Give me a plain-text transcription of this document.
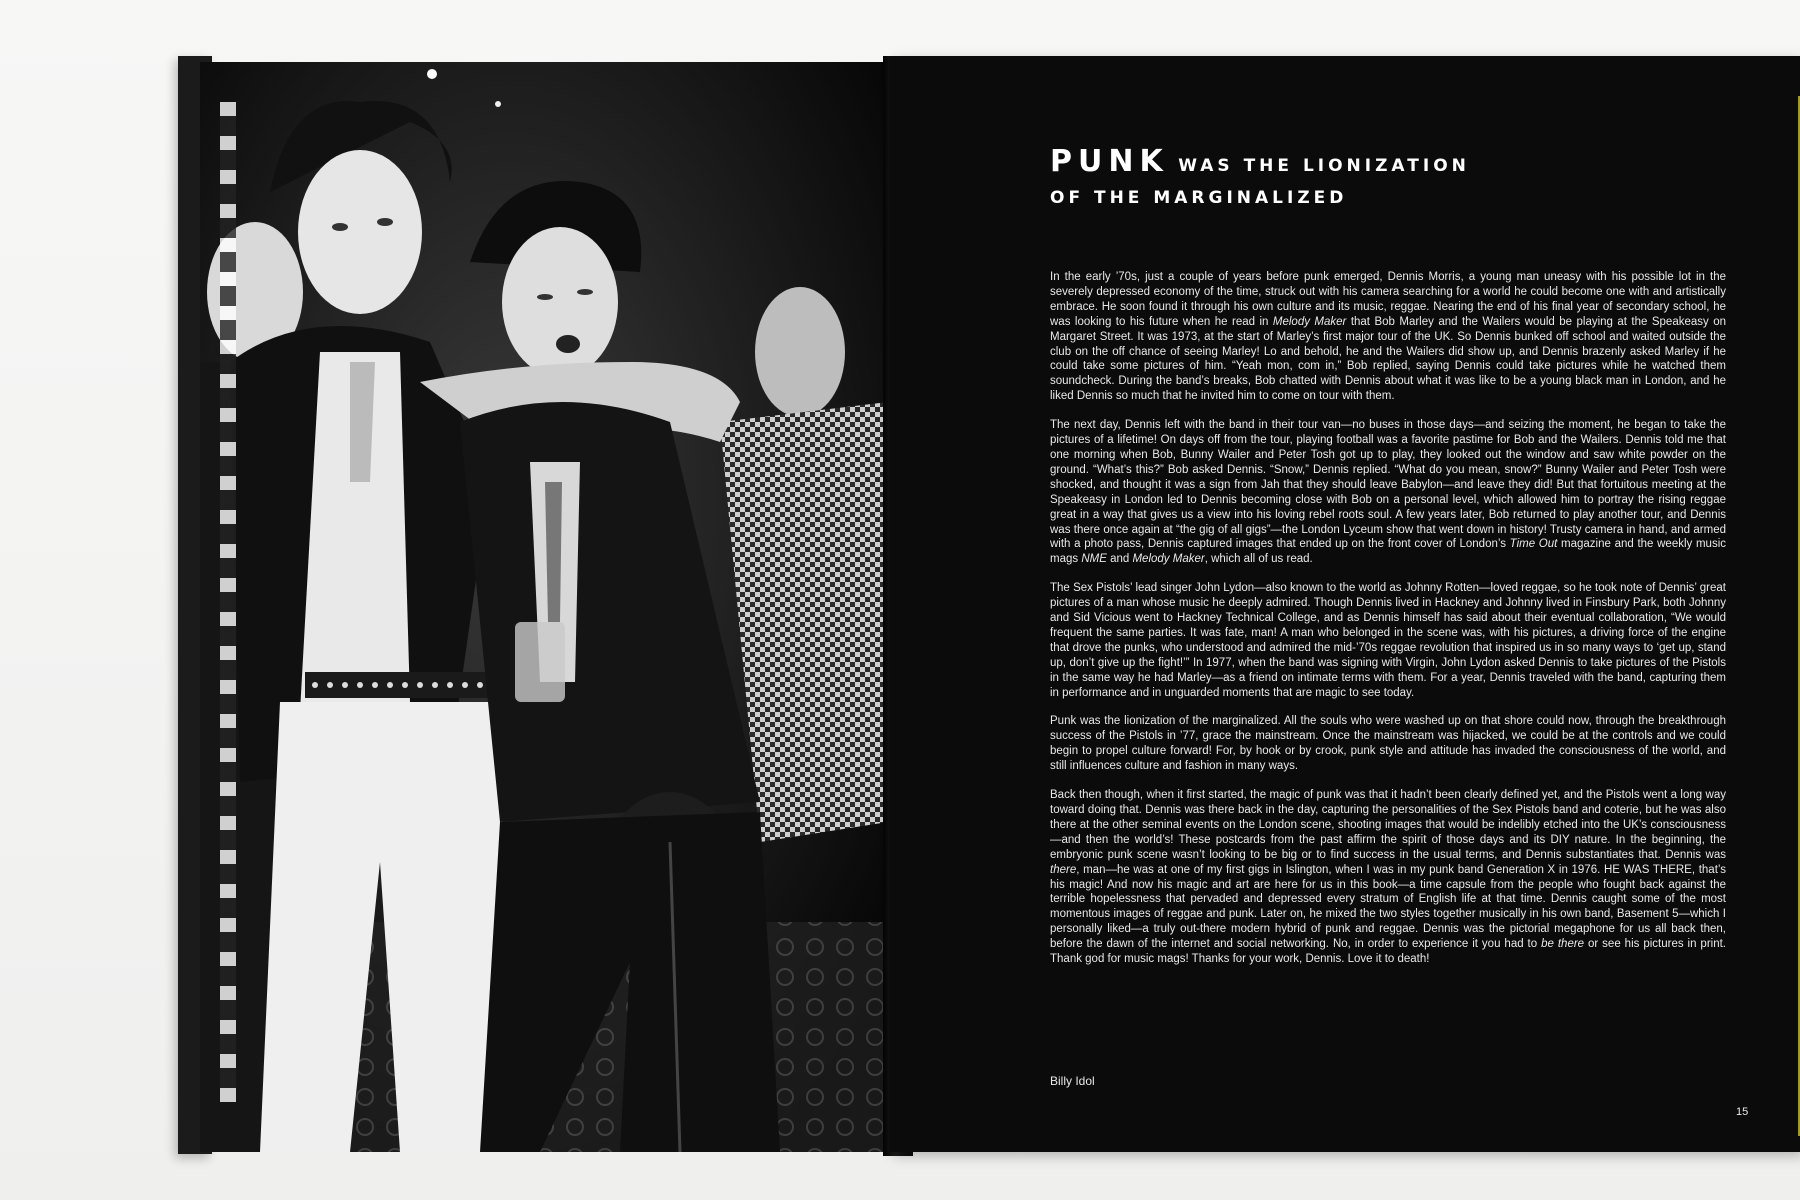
PUNK WAS THE LIONIZATION
OF THE MARGINALIZED

In the early ’70s, just a couple of years before punk emerged, Dennis Morris, a young man uneasy with his possible lot in the severely depressed economy of the time, struck out with his camera searching for a world he could become one with and artistically embrace. He soon found it through his own culture and its music, reggae. Nearing the end of his final year of secondary school, he was looking to his future when he read in Melody Maker that Bob Marley and the Wailers would be playing at the Speakeasy on Margaret Street. It was 1973, at the start of Marley’s first major tour of the UK. So Dennis bunked off school and waited outside the club on the off chance of seeing Marley! Lo and behold, he and the Wailers did show up, and Dennis brazenly asked Marley if he could take some pictures of him. “Yeah mon, com in,” Bob replied, saying Dennis could take pictures while he watched them soundcheck. During the band’s breaks, Bob chatted with Dennis about what it was like to be a young black man in London, and he liked Dennis so much that he invited him to come on tour with them.

The next day, Dennis left with the band in their tour van—no buses in those days—and seizing the moment, he began to take the pictures of a lifetime! On days off from the tour, playing football was a favorite pastime for Bob and the Wailers. Dennis told me that one morning when Bob, Bunny Wailer and Peter Tosh got up to play, they looked out the window and saw white powder on the ground. “What’s this?” Bob asked Dennis. “Snow,” Dennis replied. “What do you mean, snow?” Bunny Wailer and Peter Tosh were shocked, and thought it was a sign from Jah that they should leave Babylon—and leave they did! But that fortuitous meeting at the Speakeasy in London led to Dennis becoming close with Bob on a personal level, which allowed him to portray the rising reggae great in a way that gives us a view into his loving rebel roots soul. A few years later, Bob returned to play another tour, and Dennis was there once again at “the gig of all gigs”—the London Lyceum show that went down in history! Trusty camera in hand, and armed with a photo pass, Dennis captured images that ended up on the front cover of London’s Time Out magazine and the weekly music mags NME and Melody Maker, which all of us read.

The Sex Pistols’ lead singer John Lydon—also known to the world as Johnny Rotten—loved reggae, so he took note of Dennis’ great pictures of a man whose music he deeply admired. Though Dennis lived in Hackney and Johnny lived in Finsbury Park, both Johnny and Sid Vicious went to Hackney Technical College, and as Dennis himself has said about their eventual collaboration, “We would frequent the same parties. It was fate, man! A man who belonged in the scene was, with his pictures, a driving force of the engine that drove the punks, who understood and admired the mid-’70s reggae revolution that inspired us in so many ways to ‘get up, stand up, don’t give up the fight!’” In 1977, when the band was signing with Virgin, John Lydon asked Dennis to take pictures of the Pistols in the same way he had Marley—as a friend on intimate terms with them. For a year, Dennis traveled with the band, capturing them in performance and in unguarded moments that are magic to see today.

Punk was the lionization of the marginalized. All the souls who were washed up on that shore could now, through the breakthrough success of the Pistols in ’77, grace the mainstream. Once the mainstream was hijacked, we could be at the controls and we could begin to propel culture forward! For, by hook or by crook, punk style and attitude has invaded the consciousness of the world, and still influences culture and fashion in many ways.

Back then though, when it first started, the magic of punk was that it hadn’t been clearly defined yet, and the Pistols went a long way toward doing that. Dennis was there back in the day, capturing the personalities of the Sex Pistols band and coterie, but he was also there at the other seminal events on the London scene, shooting images that would be indelibly etched into the UK’s consciousness—and then the world’s! These postcards from the past affirm the spirit of those days and its DIY nature. In the beginning, the embryonic punk scene wasn’t looking to be big or to find success in the usual terms, and Dennis substantiates that. Dennis was there, man—he was at one of my first gigs in Islington, when I was in my punk band Generation X in 1976. HE WAS THERE, that’s his magic! And now his magic and art are here for us in this book—a time capsule from the people who fought back against the terrible hopelessness that pervaded and depressed every stratum of English life at that time. Dennis caught some of the most momentous images of reggae and punk. Later on, he mixed the two styles together musically in his own band, Basement 5—which I personally liked—a truly out-there modern hybrid of punk and reggae. Dennis was the pictorial megaphone for us all back then, before the dawn of the internet and social networking. No, in order to experience it you had to be there or see his pictures in print. Thank god for music mags! Thanks for your work, Dennis. Love it to death!

Billy Idol
15
